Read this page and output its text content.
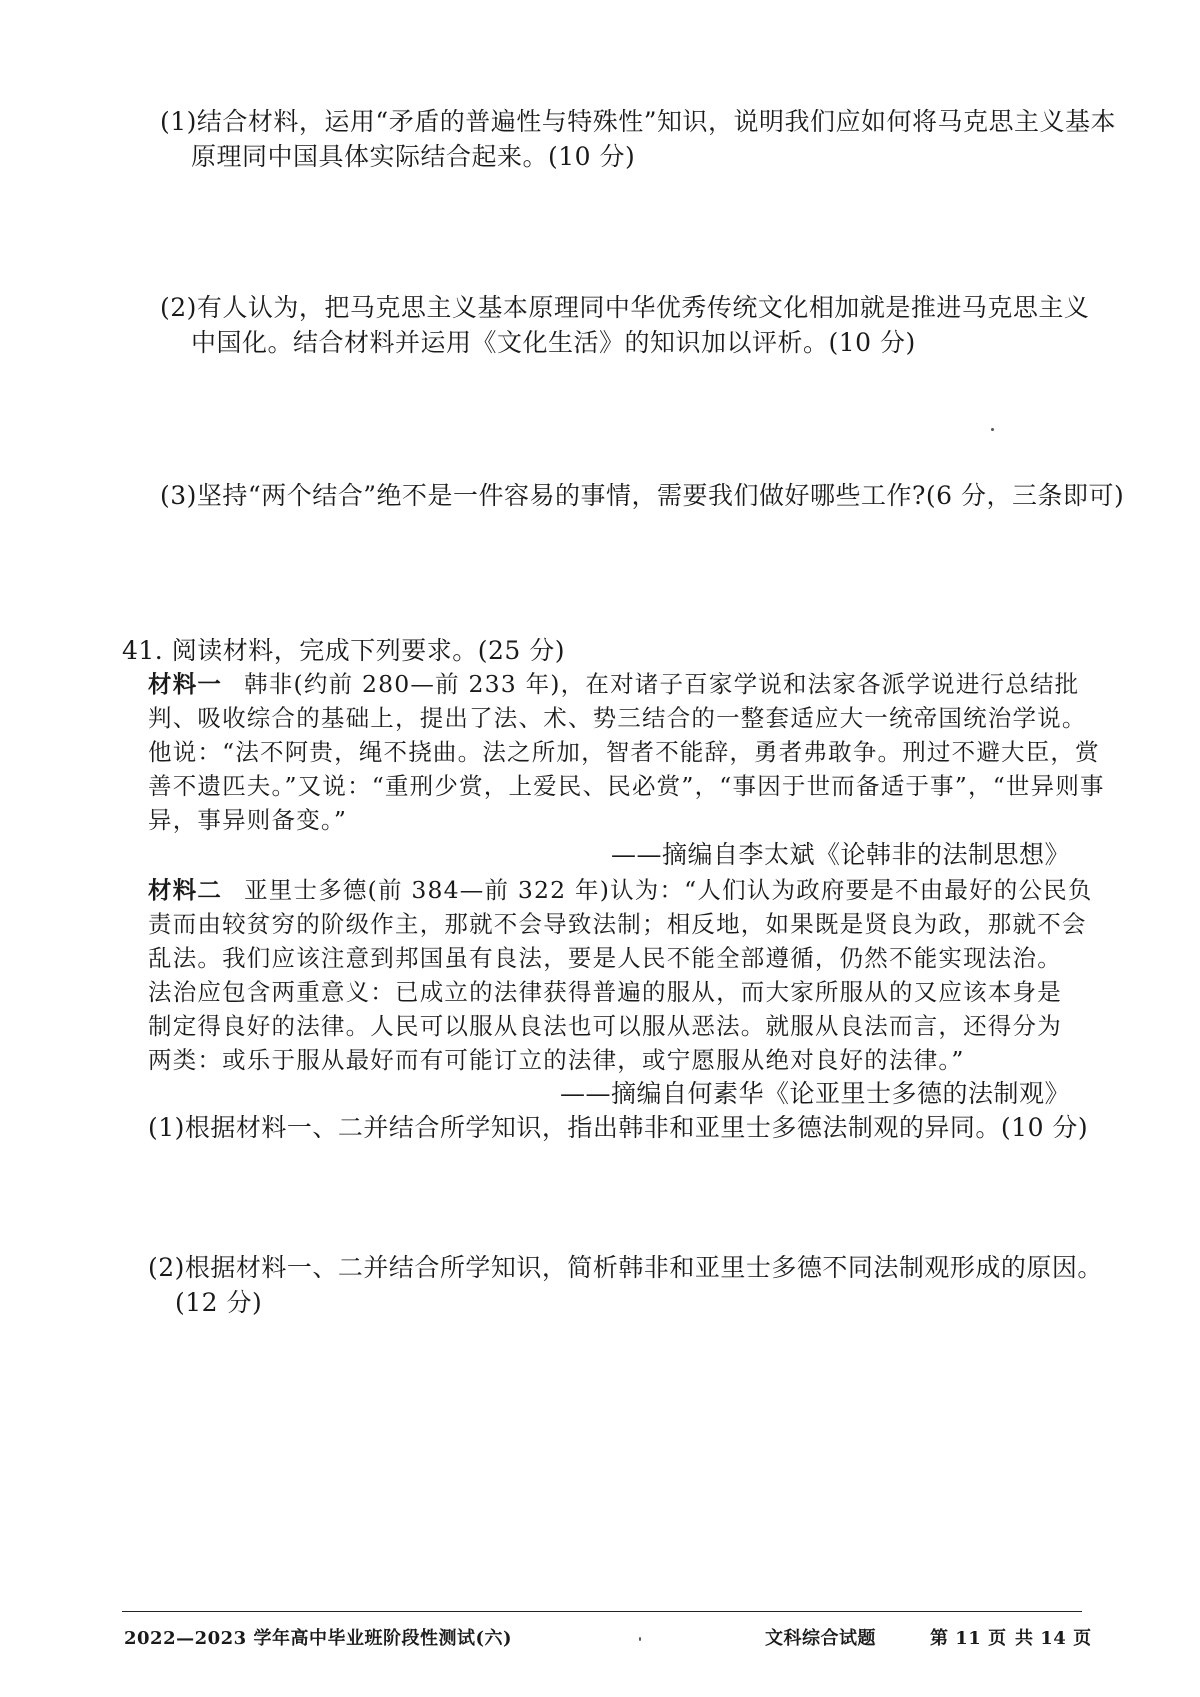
(1)结合材料，运用“矛盾的普遍性与特殊性”知识，说明我们应如何将马克思主义基本
原理同中国具体实际结合起来。(10 分)
(2)有人认为，把马克思主义基本原理同中华优秀传统文化相加就是推进马克思主义
中国化。结合材料并运用《文化生活》的知识加以评析。(10 分)
(3)坚持“两个结合”绝不是一件容易的事情，需要我们做好哪些工作?(6 分，三条即可)
41. 阅读材料，完成下列要求。(25 分)
材料一 韩非(约前 280—前 233 年)，在对诸子百家学说和法家各派学说进行总结批
判、吸收综合的基础上，提出了法、术、势三结合的一整套适应大一统帝国统治学说。
他说：“法不阿贵，绳不挠曲。法之所加，智者不能辞，勇者弗敢争。刑过不避大臣，赏
善不遗匹夫。”又说：“重刑少赏，上爱民、民必赏”，“事因于世而备适于事”，“世异则事
异，事异则备变。”
——摘编自李太斌《论韩非的法制思想》
材料二 亚里士多德(前 384—前 322 年)认为：“人们认为政府要是不由最好的公民负
责而由较贫穷的阶级作主，那就不会导致法制；相反地，如果既是贤良为政，那就不会
乱法。我们应该注意到邦国虽有良法，要是人民不能全部遵循，仍然不能实现法治。
法治应包含两重意义：已成立的法律获得普遍的服从，而大家所服从的又应该本身是
制定得良好的法律。人民可以服从良法也可以服从恶法。就服从良法而言，还得分为
两类：或乐于服从最好而有可能订立的法律，或宁愿服从绝对良好的法律。”
——摘编自何素华《论亚里士多德的法制观》
(1)根据材料一、二并结合所学知识，指出韩非和亚里士多德法制观的异同。(10 分)
(2)根据材料一、二并结合所学知识，简析韩非和亚里士多德不同法制观形成的原因。
(12 分)
2022—2023 学年高中毕业班阶段性测试(六)	文科综合试题	第 11 页 共 14 页
